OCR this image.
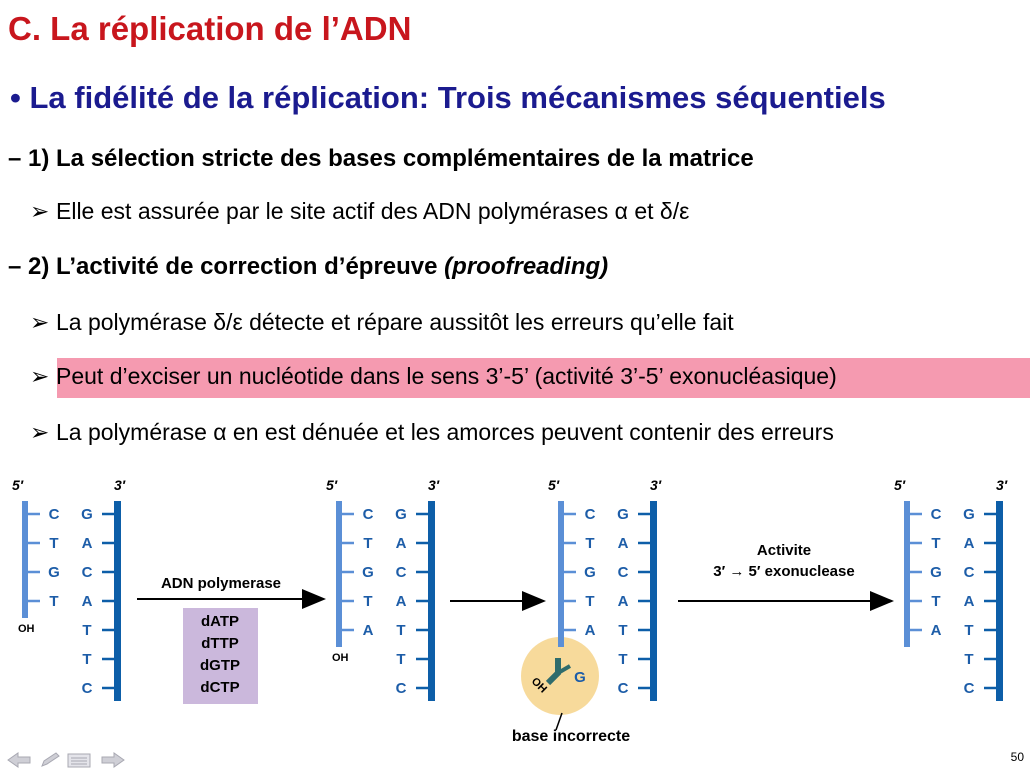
C. La réplication de l’ADN
• La fidélité de la réplication: Trois mécanismes séquentiels
– 1) La sélection stricte des bases complémentaires de la matrice
➢ Elle est assurée par le site actif des ADN polymérases α et δ/ε
– 2) L’activité de correction d’épreuve (proofreading)
➢ La polymérase δ/ε détecte et répare aussitôt les erreurs qu’elle fait
➢ Peut d’exciser un nucléotide dans le sens 3’-5’ (activité 3’-5’ exonucléasique)
➢ La polymérase α en est dénuée et les amorces peuvent contenir des erreurs
5′	3′
G
A
C
A
T
T
C
C
T
G
T
OH
5′	3′
G
A
C
A
T
T
C
C
T
G
T
A
OH
5′	3′
G
A
C
A
T
T
C
C
T
G
T
A
G
OH
base incorrecte
5′	3′
G
A
C
A
T
T
C
C
T
G
T
A
ADN polymerase
dATP
dTTP
dGTP
dCTP
Activite
3′ → 5′ exonuclease
50
